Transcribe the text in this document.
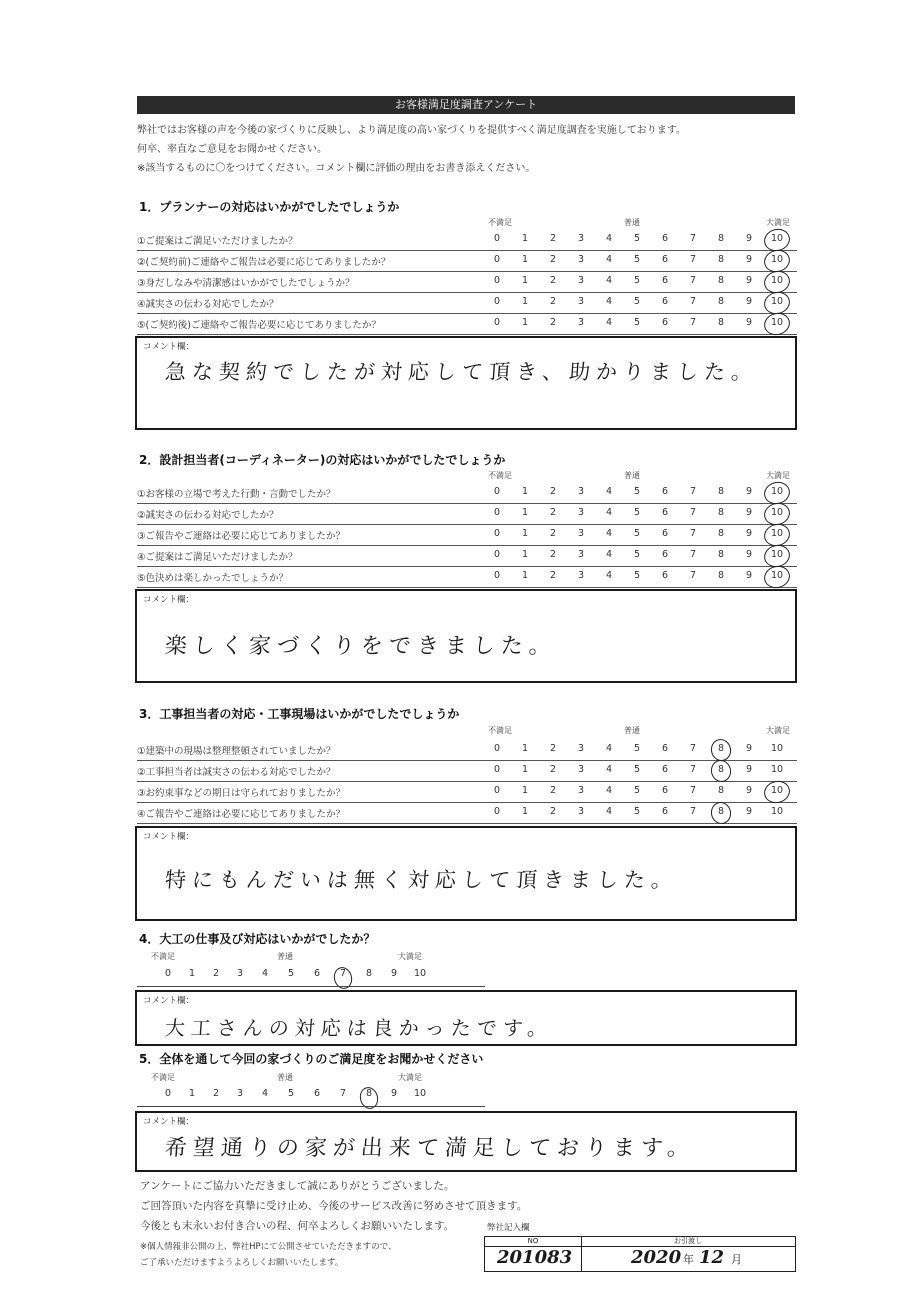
お客様満足度調査アンケート
弊社ではお客様の声を今後の家づくりに反映し、より満足度の高い家づくりを提供すべく満足度調査を実施しております。
何卒、率直なご意見をお聞かせください。
※該当するものに〇をつけてください。コメント欄に評価の理由をお書き添えください。
1．プランナーの対応はいかがでしたでしょうか
不満足	普通	大満足
①ご提案はご満足いただけましたか？	0	1	2	3	4	5	6	7	8	9	10
②(ご契約前)ご連絡やご報告は必要に応じてありましたか？	0	1	2	3	4	5	6	7	8	9	10
③身だしなみや清潔感はいかがでしたでしょうか？	0	1	2	3	4	5	6	7	8	9	10
④誠実さの伝わる対応でしたか？	0	1	2	3	4	5	6	7	8	9	10
⑤(ご契約後)ご連絡やご報告必要に応じてありましたか？	0	1	2	3	4	5	6	7	8	9	10
コメント欄：
急な契約でしたが対応して頂き、助かりました。
2．設計担当者(コーディネーター)の対応はいかがでしたでしょうか
不満足	普通	大満足
①お客様の立場で考えた行動・言動でしたか？	0	1	2	3	4	5	6	7	8	9	10
②誠実さの伝わる対応でしたか？	0	1	2	3	4	5	6	7	8	9	10
③ご報告やご連絡は必要に応じてありましたか？	0	1	2	3	4	5	6	7	8	9	10
④ご提案はご満足いただけましたか？	0	1	2	3	4	5	6	7	8	9	10
⑤色決めは楽しかったでしょうか？	0	1	2	3	4	5	6	7	8	9	10
コメント欄：
楽しく家づくりをできました。
3．工事担当者の対応・工事現場はいかがでしたでしょうか
不満足	普通	大満足
①建築中の現場は整理整頓されていましたか？	0	1	2	3	4	5	6	7	8	9	10
②工事担当者は誠実さの伝わる対応でしたか？	0	1	2	3	4	5	6	7	8	9	10
③お約束事などの期日は守られておりましたか？	0	1	2	3	4	5	6	7	8	9	10
④ご報告やご連絡は必要に応じてありましたか？	0	1	2	3	4	5	6	7	8	9	10
コメント欄：
特にもんだいは無く対応して頂きました。
4．大工の仕事及び対応はいかがでしたか？
不満足	普通	大満足
0	1	2	3	4	5	6	7	8	9	10
コメント欄：
大工さんの対応は良かったです。
5．全体を通して今回の家づくりのご満足度をお聞かせください
不満足	普通	大満足
0	1	2	3	4	5	6	7	8	9	10
コメント欄：
希望通りの家が出来て満足しております。
アンケートにご協力いただきまして誠にありがとうございました。
ご回答頂いた内容を真摯に受け止め、今後のサービス改善に努めさせて頂きます。
今後とも末永いお付き合いの程、何卒よろしくお願いいたします。
※個人情報非公開の上、弊社HPにて公開させていただきますので、
ご了承いただけますようよろしくお願いいたします。
弊社記入欄
NO	お引渡し
201083	2020 年 12 月
